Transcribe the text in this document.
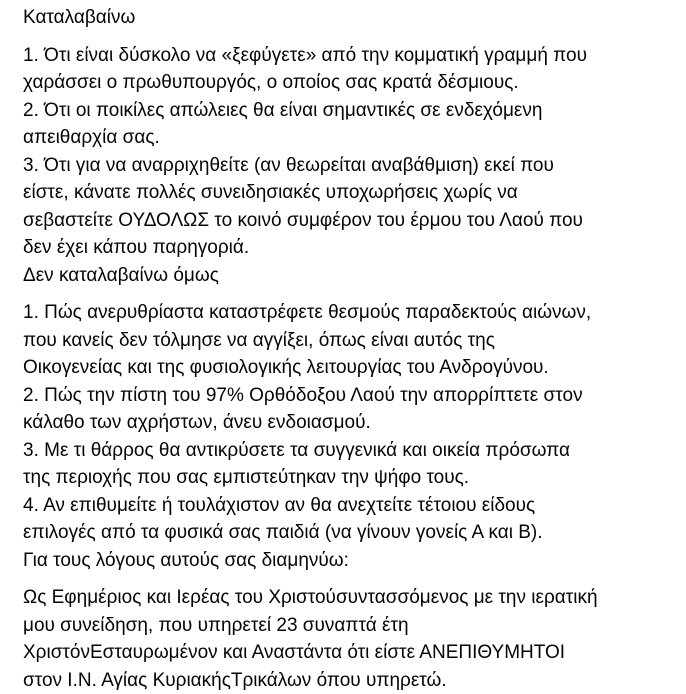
Καταλαβαίνω
1. Ότι είναι δύσκολο να «ξεφύγετε» από την κομματική γραμμή που
χαράσσει ο πρωθυπουργός, ο οποίος σας κρατά δέσμιους.
2. Ότι οι ποικίλες απώλειες θα είναι σημαντικές σε ενδεχόμενη
απειθαρχία σας.
3. Ότι για να αναρριχηθείτε (αν θεωρείται αναβάθμιση) εκεί που
είστε, κάνατε πολλές συνειδησιακές υποχωρήσεις χωρίς να
σεβαστείτε ΟΥΔΟΛΩΣ το κοινό συμφέρον του έρμου του Λαού που
δεν έχει κάπου παρηγοριά.
Δεν καταλαβαίνω όμως
1. Πώς ανερυθρίαστα καταστρέφετε θεσμούς παραδεκτούς αιώνων,
που κανείς δεν τόλμησε να αγγίξει, όπως είναι αυτός της
Οικογενείας και της φυσιολογικής λειτουργίας του Ανδρογύνου.
2. Πώς την πίστη του 97% Ορθόδοξου Λαού την απορρίπτετε στον
κάλαθο των αχρήστων, άνευ ενδοιασμού.
3. Με τι θάρρος θα αντικρύσετε τα συγγενικά και οικεία πρόσωπα
της περιοχής που σας εμπιστεύτηκαν την ψήφο τους.
4. Αν επιθυμείτε ή τουλάχιστον αν θα ανεχτείτε τέτοιου είδους
επιλογές από τα φυσικά σας παιδιά (να γίνουν γονείς Α και Β).
Για τους λόγους αυτούς σας διαμηνύω:
Ως Εφημέριος και Ιερέας του Χριστούσυντασσόμενος με την ιερατική
μου συνείδηση, που υπηρετεί 23 συναπτά έτη
ΧριστόνΕσταυρωμένον και Αναστάντα ότι είστε ΑΝΕΠΙΘΥΜΗΤΟΙ
στον Ι.Ν. Αγίας ΚυριακήςΤρικάλων όπου υπηρετώ.
